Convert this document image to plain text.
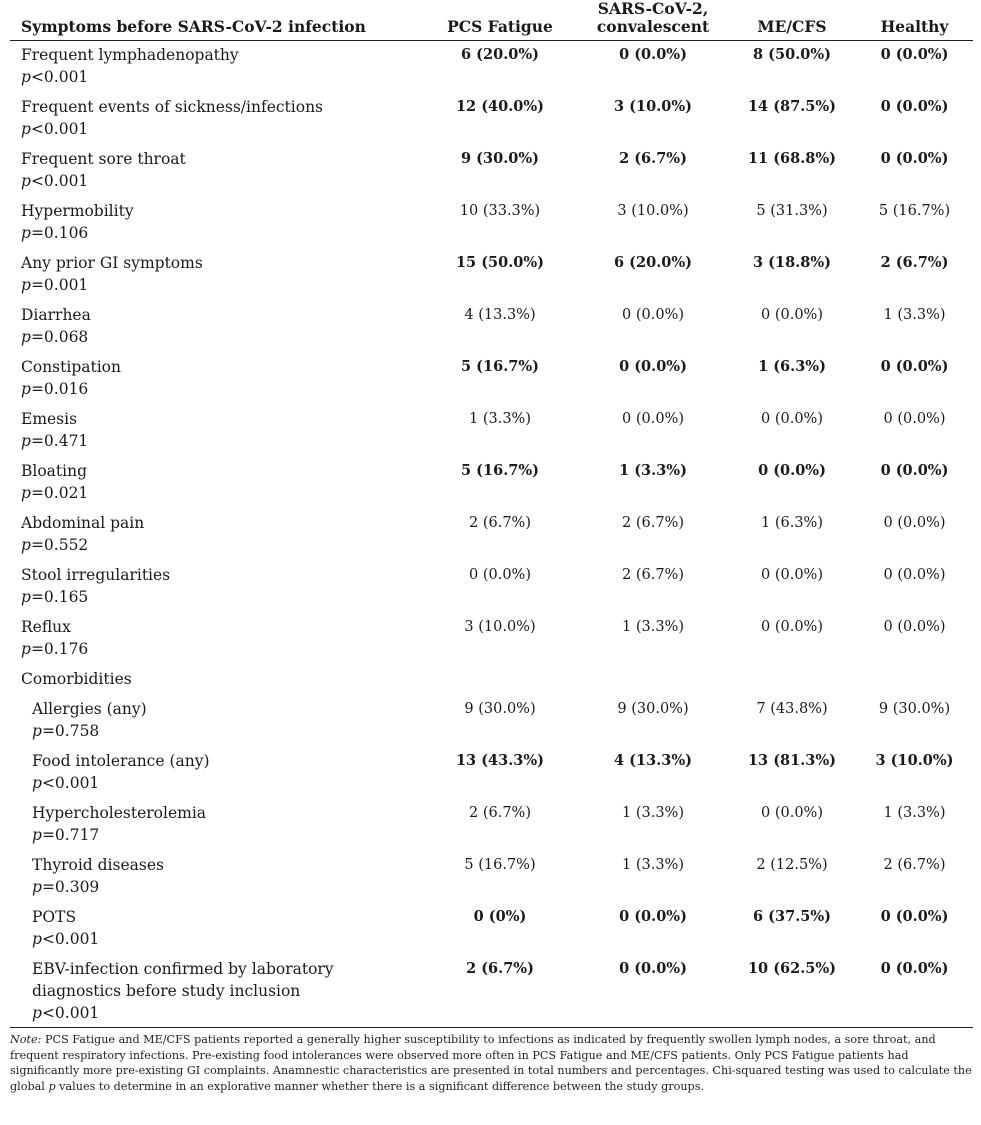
Symptoms before SARS-CoV-2 infection	PCS Fatigue	SARS-CoV-2,
convalescent	ME/CFS	Healthy
Frequent lymphadenopathy
p<0.001	6 (20.0%)	0 (0.0%)	8 (50.0%)	0 (0.0%)
Frequent events of sickness/infections
p<0.001	12 (40.0%)	3 (10.0%)	14 (87.5%)	0 (0.0%)
Frequent sore throat
p<0.001	9 (30.0%)	2 (6.7%)	11 (68.8%)	0 (0.0%)
Hypermobility
p=0.106	10 (33.3%)	3 (10.0%)	5 (31.3%)	5 (16.7%)
Any prior GI symptoms
p=0.001	15 (50.0%)	6 (20.0%)	3 (18.8%)	2 (6.7%)
Diarrhea
p=0.068	4 (13.3%)	0 (0.0%)	0 (0.0%)	1 (3.3%)
Constipation
p=0.016	5 (16.7%)	0 (0.0%)	1 (6.3%)	0 (0.0%)
Emesis
p=0.471	1 (3.3%)	0 (0.0%)	0 (0.0%)	0 (0.0%)
Bloating
p=0.021	5 (16.7%)	1 (3.3%)	0 (0.0%)	0 (0.0%)
Abdominal pain
p=0.552	2 (6.7%)	2 (6.7%)	1 (6.3%)	0 (0.0%)
Stool irregularities
p=0.165	0 (0.0%)	2 (6.7%)	0 (0.0%)	0 (0.0%)
Reflux
p=0.176	3 (10.0%)	1 (3.3%)	0 (0.0%)	0 (0.0%)
Comorbidities				
Allergies (any)
p=0.758	9 (30.0%)	9 (30.0%)	7 (43.8%)	9 (30.0%)
Food intolerance (any)
p<0.001	13 (43.3%)	4 (13.3%)	13 (81.3%)	3 (10.0%)
Hypercholesterolemia
p=0.717	2 (6.7%)	1 (3.3%)	0 (0.0%)	1 (3.3%)
Thyroid diseases
p=0.309	5 (16.7%)	1 (3.3%)	2 (12.5%)	2 (6.7%)
POTS
p<0.001	0 (0%)	0 (0.0%)	6 (37.5%)	0 (0.0%)
EBV-infection confirmed by laboratory diagnostics before study inclusion
p<0.001	2 (6.7%)	0 (0.0%)	10 (62.5%)	0 (0.0%)
Note: PCS Fatigue and ME/CFS patients reported a generally higher susceptibility to infections as indicated by frequently swollen lymph nodes, a sore throat, and frequent respiratory infections. Pre-existing food intolerances were observed more often in PCS Fatigue and ME/CFS patients. Only PCS Fatigue patients had significantly more pre-existing GI complaints. Anamnestic characteristics are presented in total numbers and percentages. Chi-squared testing was used to calculate the global p values to determine in an explorative manner whether there is a significant difference between the study groups.
